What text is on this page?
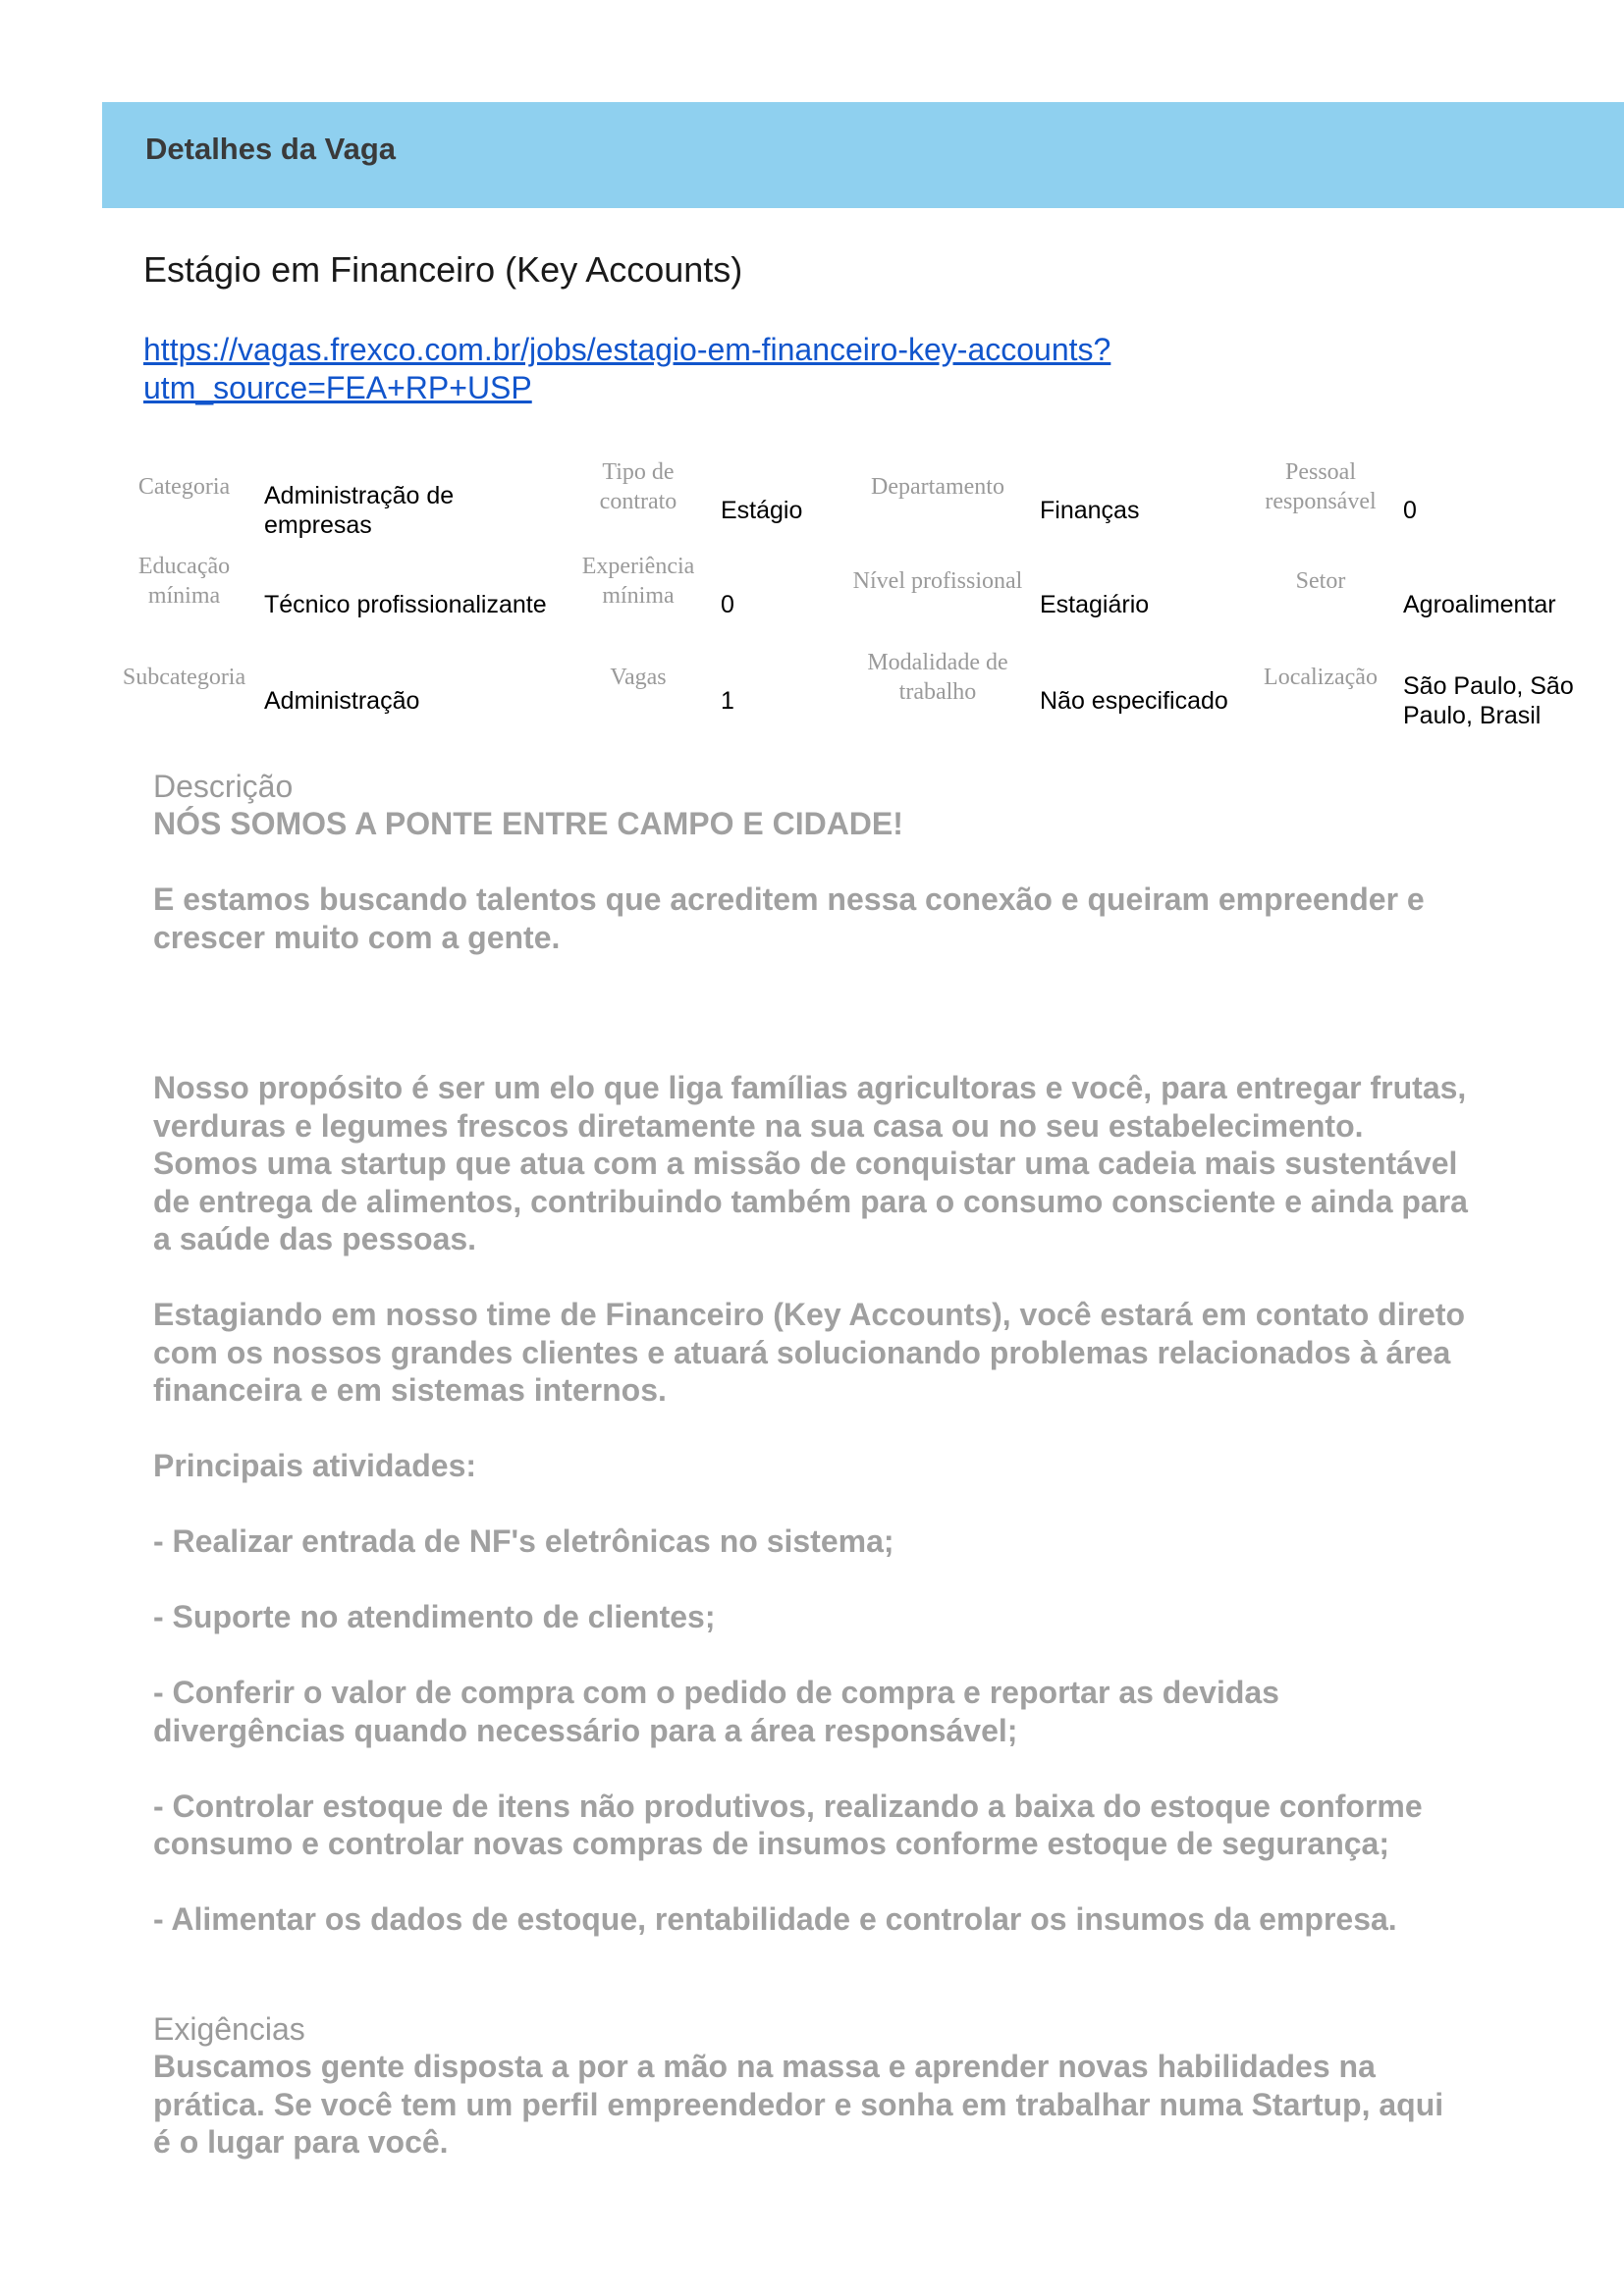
Detalhes da Vaga
Estágio em Financeiro (Key Accounts)
https://vagas.frexco.com.br/jobs/estagio-em-financeiro-key-accounts?utm_source=FEA+RP+USP
Categoria	Administração de empresas	Tipo de contrato	Estágio	Departamento	Finanças	Pessoal responsável	0
Educação mínima	Técnico profissionalizante	Experiência mínima	0	Nível profissional	Estagiário	Setor	Agroalimentar
Subcategoria	Administração	Vagas	1	Modalidade de trabalho	Não especificado	Localização	São Paulo, São Paulo, Brasil
Descrição

NÓS SOMOS A PONTE ENTRE CAMPO E CIDADE!

E estamos buscando talentos que acreditem nessa conexão e queiram empreender e crescer muito com a gente.

Nosso propósito é ser um elo que liga famílias agricultoras e você, para entregar frutas, verduras e legumes frescos diretamente na sua casa ou no seu estabelecimento. Somos uma startup que atua com a missão de conquistar uma cadeia mais sustentável de entrega de alimentos, contribuindo também para o consumo consciente e ainda para a saúde das pessoas.

Estagiando em nosso time de Financeiro (Key Accounts), você estará em contato direto com os nossos grandes clientes e atuará solucionando problemas relacionados à área financeira e em sistemas internos.

Principais atividades:

- Realizar entrada de NF's eletrônicas no sistema;

- Suporte no atendimento de clientes;

- Conferir o valor de compra com o pedido de compra e reportar as devidas divergências quando necessário para a área responsável;

- Controlar estoque de itens não produtivos, realizando a baixa do estoque conforme consumo e controlar novas compras de insumos conforme estoque de segurança;

- Alimentar os dados de estoque, rentabilidade e controlar os insumos da empresa.

Exigências

Buscamos gente disposta a por a mão na massa e aprender novas habilidades na prática. Se você tem um perfil empreendedor e sonha em trabalhar numa Startup, aqui é o lugar para você.
